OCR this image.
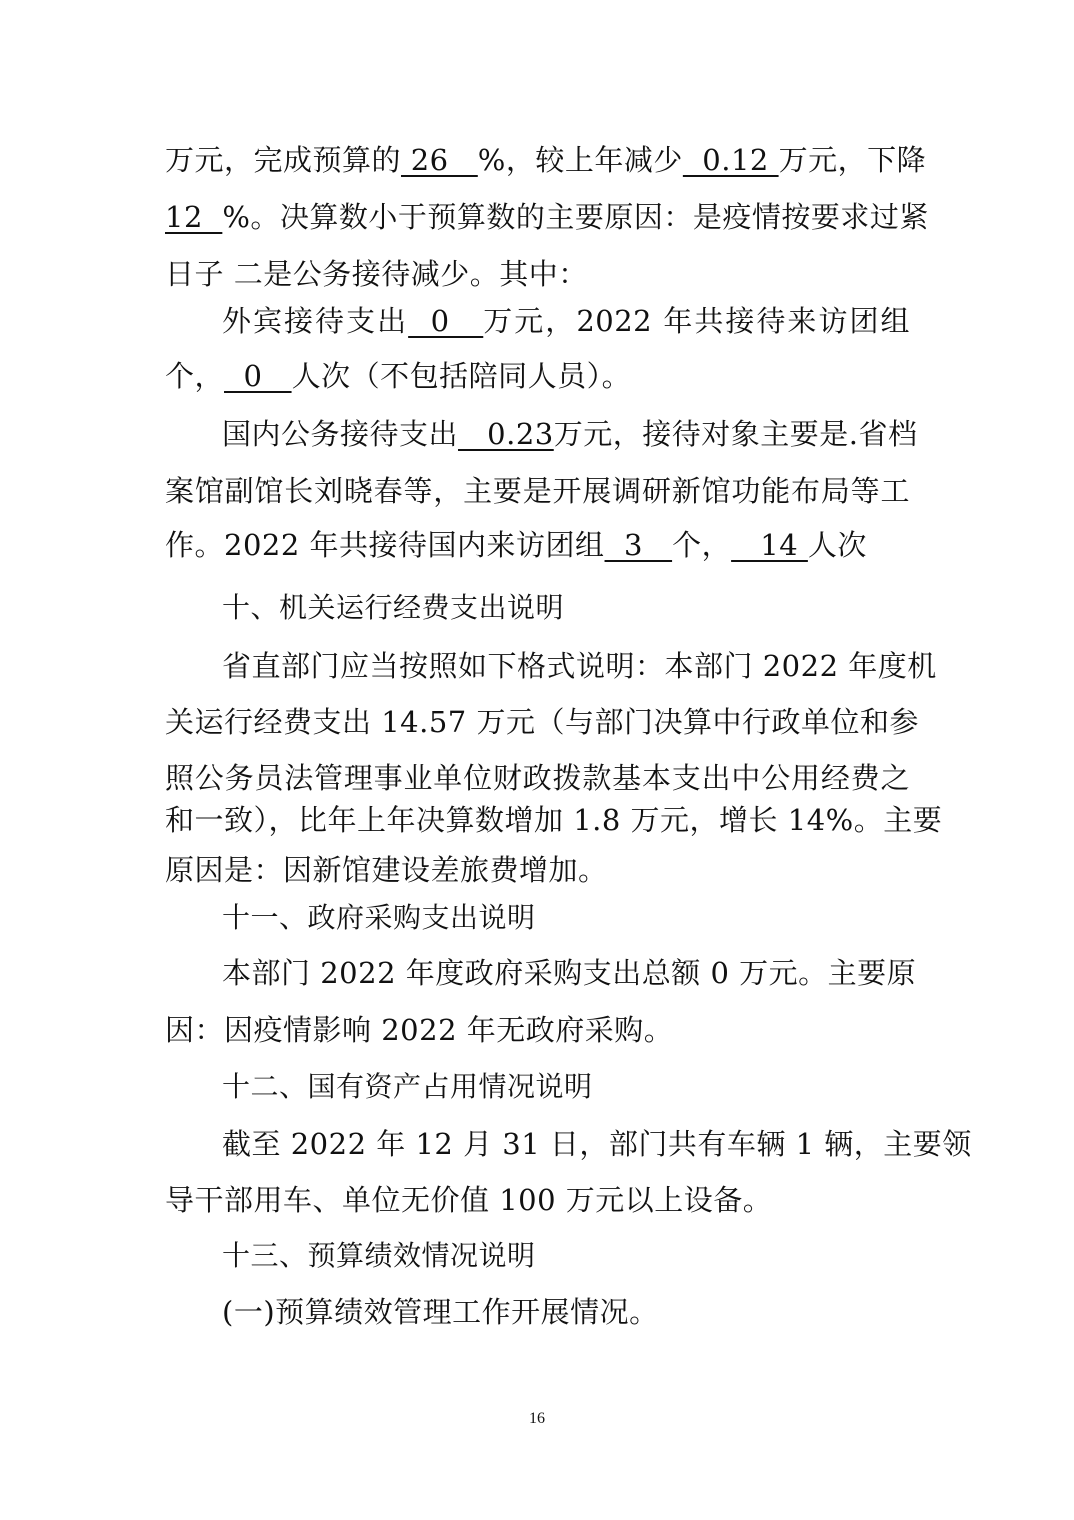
万元，完成预算的 26   %，较上年减少  0.12 万元，下降
12  %。决算数小于预算数的主要原因：是疫情按要求过紧
日子 二是公务接待减少。其中：
外宾接待支出  0   万元，2022 年共接待来访团组
个，  0   人次（不包括陪同人员）。
国内公务接待支出   0.23万元，接待对象主要是.省档
案馆副馆长刘晓春等，主要是开展调研新馆功能布局等工
作。2022 年共接待国内来访团组  3   个，   14 人次
十、机关运行经费支出说明
省直部门应当按照如下格式说明：本部门 2022 年度机
关运行经费支出 14.57 万元（与部门决算中行政单位和参
照公务员法管理事业单位财政拨款基本支出中公用经费之
和一致），比年上年决算数增加 1.8 万元，增长 14%。主要
原因是：因新馆建设差旅费增加。
十一、政府采购支出说明
本部门 2022 年度政府采购支出总额 0 万元。主要原
因：因疫情影响 2022 年无政府采购。
十二、国有资产占用情况说明
截至 2022 年 12 月 31 日，部门共有车辆 1 辆，主要领
导干部用车、单位无价值 100 万元以上设备。
十三、预算绩效情况说明
(一)预算绩效管理工作开展情况。
16
